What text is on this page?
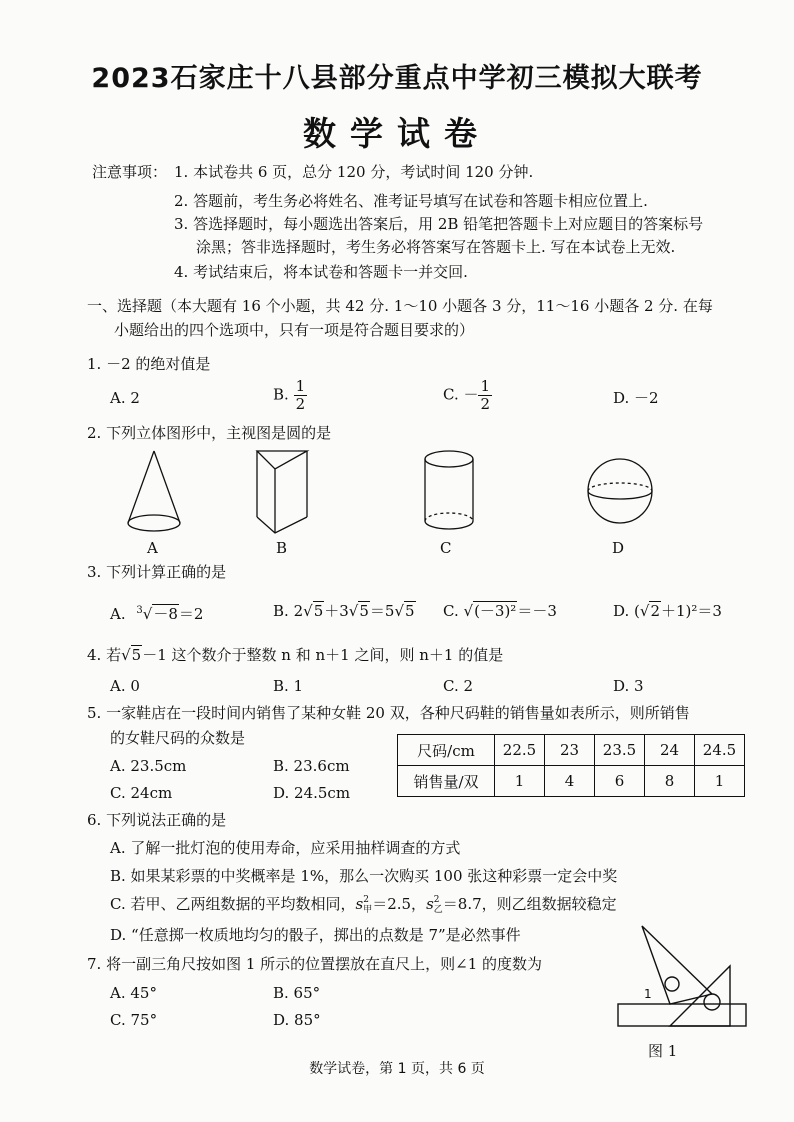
2023石家庄十八县部分重点中学初三模拟大联考
数学试卷
注意事项： 1. 本试卷共 6 页，总分 120 分，考试时间 120 分钟.
2. 答题前，考生务必将姓名、准考证号填写在试卷和答题卡相应位置上.
3. 答选择题时，每小题选出答案后，用 2B 铅笔把答题卡上对应题目的答案标号
涂黑；答非选择题时，考生务必将答案写在答题卡上. 写在本试卷上无效.
4. 考试结束后，将本试卷和答题卡一并交回.
一、选择题（本大题有 16 个小题，共 42 分. 1～10 小题各 3 分，11～16 小题各 2 分. 在每
小题给出的四个选项中，只有一项是符合题目要求的）
1. －2 的绝对值是
A. 2	B. $\frac{1}{2}$	C. － $\frac{1}{2}$	D. －2
2. 下列立体图形中，主视图是圆的是
A	B	C	D
3. 下列计算正确的是
A. $^3$√－8＝2	B. 2√5＋3√5＝5√5 C. √(－3)²＝－3	D. (√2＋1)²＝3
4. 若√5－1 这个数介于整数 n 和 n＋1 之间，则 n＋1 的值是
A. 0	B. 1	C. 2	D. 3
5. 一家鞋店在一段时间内销售了某种女鞋 20 双，各种尺码鞋的销售量如表所示，则所销售
的女鞋尺码的众数是
A. 23.5cm	B. 23.6cm
C. 24cm	D. 24.5cm
尺码/cm	22.5	23	23.5	24	24.5
销售量/双	1	4	6	8	1
6. 下列说法正确的是
A. 了解一批灯泡的使用寿命，应采用抽样调查的方式
B. 如果某彩票的中奖概率是 1%，那么一次购买 100 张这种彩票一定会中奖
C. 若甲、乙两组数据的平均数相同，s 2
甲 ＝2.5，s 2
乙 ＝8.7，则乙组数据较稳定
D. “任意掷一枚质地均匀的骰子，掷出的点数是 7”是必然事件
7. 将一副三角尺按如图 1 所示的位置摆放在直尺上，则∠1 的度数为
A. 45°	B. 65°
C. 75°	D. 85°
1
图 1
数学试卷，第 1 页，共 6 页
